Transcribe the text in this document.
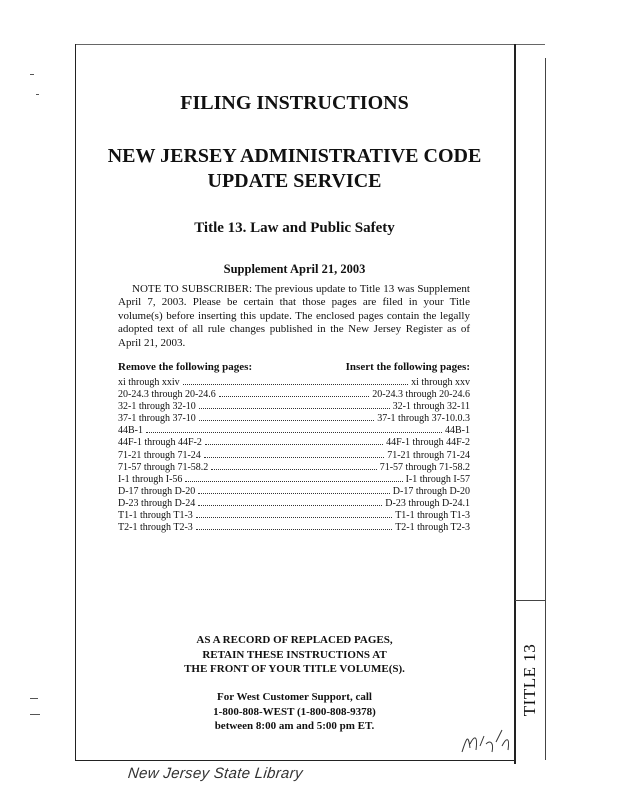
TITLE 13
FILING INSTRUCTIONS
NEW JERSEY ADMINISTRATIVE CODE
UPDATE SERVICE
Title 13. Law and Public Safety
Supplement April 21, 2003
NOTE TO SUBSCRIBER: The previous update to Title 13 was Supplement April 7, 2003. Please be certain that those pages are filed in your Title volume(s) before inserting this update. The enclosed pages contain the legally adopted text of all rule changes published in the New Jersey Register as of April 21, 2003.
Remove the following pages:	Insert the following pages:
xi through xxiv	xi through xxv
20-24.3 through 20-24.6	20-24.3 through 20-24.6
32-1 through 32-10	32-1 through 32-11
37-1 through 37-10	37-1 through 37-10.0.3
44B-1	44B-1
44F-1 through 44F-2	44F-1 through 44F-2
71-21 through 71-24	71-21 through 71-24
71-57 through 71-58.2	71-57 through 71-58.2
I-1 through I-56	I-1 through I-57
D-17 through D-20	D-17 through D-20
D-23 through D-24	D-23 through D-24.1
T1-1 through T1-3	T1-1 through T1-3
T2-1 through T2-3	T2-1 through T2-3
AS A RECORD OF REPLACED PAGES,
RETAIN THESE INSTRUCTIONS AT
THE FRONT OF YOUR TITLE VOLUME(S).
For West Customer Support, call
1-800-808-WEST (1-800-808-9378)
between 8:00 am and 5:00 pm ET.
New Jersey State Library
